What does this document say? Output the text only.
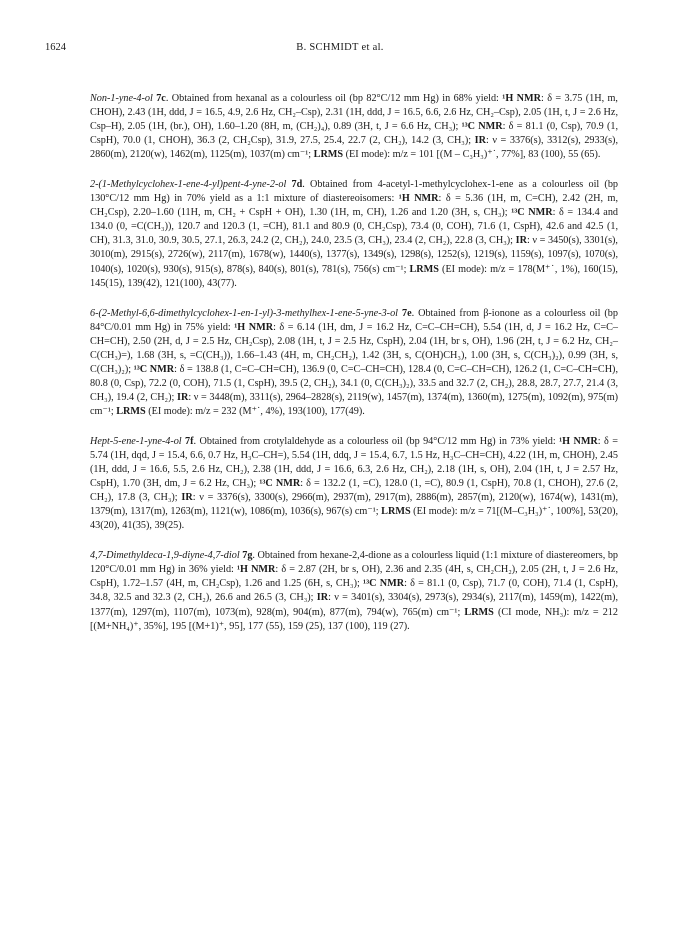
1624	B. SCHMIDT et al.

Non-1-yne-4-ol 7c. Obtained from hexanal as a colourless oil (bp 82°C/12 mm Hg) in 68% yield: ¹H NMR: δ = 3.75 (1H, m, CHOH), 2.43 (1H, ddd, J = 16.5, 4.9, 2.6 Hz, CH₂–Csp), 2.31 (1H, ddd, J = 16.5, 6.6, 2.6 Hz, CH₂–Csp), 2.05 (1H, t, J = 2.6 Hz, Csp–H), 2.05 (1H, (br.), OH), 1.60–1.20 (8H, m, (CH₂)₄), 0.89 (3H, t, J = 6.6 Hz, CH₃); ¹³C NMR: δ = 81.1 (0, Csp), 70.9 (1, CspH), 70.0 (1, CHOH), 36.3 (2, CH₂Csp), 31.9, 27.5, 25.4, 22.7 (2, CH₂), 14.2 (3, CH₃); IR: ν = 3376(s), 3312(s), 2933(s), 2860(m), 2120(w), 1462(m), 1125(m), 1037(m) cm⁻¹; LRMS (EI mode): m/z = 101 [(M – C₃H₃)⁺˙, 77%], 83 (100), 55 (65).

2-(1-Methylcyclohex-1-ene-4-yl)pent-4-yne-2-ol 7d. Obtained from 4-acetyl-1-methylcyclohex-1-ene as a colourless oil (bp 130°C/12 mm Hg) in 70% yield as a 1:1 mixture of diastereoisomers: ¹H NMR: δ = 5.36 (1H, m, C=CH), 2.42 (2H, m, CH₂Csp), 2.20–1.60 (11H, m, CH₂ + CspH + OH), 1.30 (1H, m, CH), 1.26 and 1.20 (3H, s, CH₃); ¹³C NMR: δ = 134.4 and 134.0 (0, =C(CH₃)), 120.7 and 120.3 (1, =CH), 81.1 and 80.9 (0, CH₂Csp), 73.4 (0, COH), 71.6 (1, CspH), 42.6 and 42.5 (1, CH), 31.3, 31.0, 30.9, 30.5, 27.1, 26.3, 24.2 (2, CH₂), 24.0, 23.5 (3, CH₃), 23.4 (2, CH₂), 22.8 (3, CH₃); IR: ν = 3450(s), 3301(s), 3010(m), 2915(s), 2726(w), 2117(m), 1678(w), 1440(s), 1377(s), 1349(s), 1298(s), 1252(s), 1219(s), 1159(s), 1097(s), 1070(s), 1040(s), 1020(s), 930(s), 915(s), 878(s), 840(s), 801(s), 781(s), 756(s) cm⁻¹; LRMS (EI mode): m/z = 178(M⁺˙, 1%), 160(15), 145(15), 139(42), 121(100), 43(77).

6-(2-Methyl-6,6-dimethylcyclohex-1-en-1-yl)-3-methylhex-1-ene-5-yne-3-ol 7e. Obtained from β-ionone as a colourless oil (bp 84°C/0.01 mm Hg) in 75% yield: ¹H NMR: δ = 6.14 (1H, dm, J = 16.2 Hz, C=C–CH=CH), 5.54 (1H, d, J = 16.2 Hz, C=C–CH=CH), 2.50 (2H, d, J = 2.5 Hz, CH₂Csp), 2.08 (1H, t, J = 2.5 Hz, CspH), 2.04 (1H, br s, OH), 1.96 (2H, t, J = 6.2 Hz, CH₂–C(CH₃)=), 1.68 (3H, s, =C(CH₃)), 1.66–1.43 (4H, m, CH₂CH₂), 1.42 (3H, s, C(OH)CH₃), 1.00 (3H, s, C(CH₃)₂), 0.99 (3H, s, C(CH₃)₂); ¹³C NMR: δ = 138.8 (1, C=C–CH=CH), 136.9 (0, C=C–CH=CH), 128.4 (0, C=C–CH=CH), 126.2 (1, C=C–CH=CH), 80.8 (0, Csp), 72.2 (0, COH), 71.5 (1, CspH), 39.5 (2, CH₂), 34.1 (0, C(CH₃)₂), 33.5 and 32.7 (2, CH₂), 28.8, 28.7, 27.7, 21.4 (3, CH₃), 19.4 (2, CH₂); IR: ν = 3448(m), 3311(s), 2964–2828(s), 2119(w), 1457(m), 1374(m), 1360(m), 1275(m), 1092(m), 975(m) cm⁻¹; LRMS (EI mode): m/z = 232 (M⁺˙, 4%), 193(100), 177(49).

Hept-5-ene-1-yne-4-ol 7f. Obtained from crotylaldehyde as a colourless oil (bp 94°C/12 mm Hg) in 73% yield: ¹H NMR: δ = 5.74 (1H, dqd, J = 15.4, 6.6, 0.7 Hz, H₃C–CH=), 5.54 (1H, ddq, J = 15.4, 6.7, 1.5 Hz, H₃C–CH=CH), 4.22 (1H, m, CHOH), 2.45 (1H, ddd, J = 16.6, 5.5, 2.6 Hz, CH₂), 2.38 (1H, ddd, J = 16.6, 6.3, 2.6 Hz, CH₂), 2.18 (1H, s, OH), 2.04 (1H, t, J = 2.57 Hz, CspH), 1.70 (3H, dm, J = 6.2 Hz, CH₃); ¹³C NMR: δ = 132.2 (1, =C), 128.0 (1, =C), 80.9 (1, CspH), 70.8 (1, CHOH), 27.6 (2, CH₂), 17.8 (3, CH₃); IR: ν = 3376(s), 3300(s), 2966(m), 2937(m), 2917(m), 2886(m), 2857(m), 2120(w), 1674(w), 1431(m), 1379(m), 1317(m), 1263(m), 1121(w), 1086(m), 1036(s), 967(s) cm⁻¹; LRMS (EI mode): m/z = 71[(M–C₃H₃)⁺˙, 100%], 53(20), 43(20), 41(35), 39(25).

4,7-Dimethyldeca-1,9-diyne-4,7-diol 7g. Obtained from hexane-2,4-dione as a colourless liquid (1:1 mixture of diastereomers, bp 120°C/0.01 mm Hg) in 36% yield: ¹H NMR: δ = 2.87 (2H, br s, OH), 2.36 and 2.35 (4H, s, CH₂CH₂), 2.05 (2H, t, J = 2.6 Hz, CspH), 1.72–1.57 (4H, m, CH₂Csp), 1.26 and 1.25 (6H, s, CH₃); ¹³C NMR: δ = 81.1 (0, Csp), 71.7 (0, COH), 71.4 (1, CspH), 34.8, 32.5 and 32.3 (2, CH₂), 26.6 and 26.5 (3, CH₃); IR: ν = 3401(s), 3304(s), 2973(s), 2934(s), 2117(m), 1459(m), 1422(m), 1377(m), 1297(m), 1107(m), 1073(m), 928(m), 904(m), 877(m), 794(w), 765(m) cm⁻¹; LRMS (CI mode, NH₃): m/z = 212 [(M+NH₄)⁺, 35%], 195 [(M+1)⁺, 95], 177 (55), 159 (25), 137 (100), 119 (27).
